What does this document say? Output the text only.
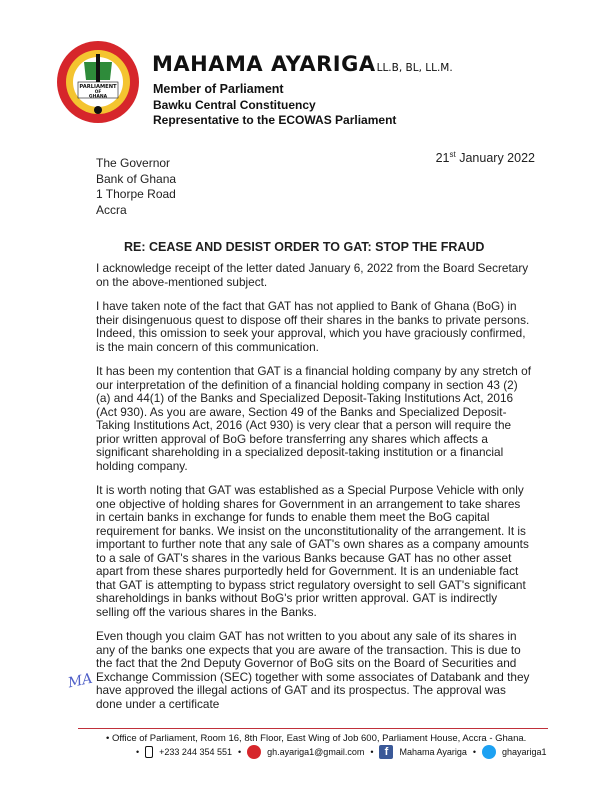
PARLIAMENT
OF
GHANA
MAHAMA AYARIGALL.B, BL, LL.M.
Member of Parliament
Bawku Central Constituency
Representative to the ECOWAS Parliament
21st January 2022
The Governor
Bank of Ghana
1 Thorpe Road
Accra
RE: CEASE AND DESIST ORDER TO GAT: STOP THE FRAUD

I acknowledge receipt of the letter dated January 6, 2022 from the Board Secretary on the above-mentioned subject.

I have taken note of the fact that GAT has not applied to Bank of Ghana (BoG) in their disingenuous quest to dispose off their shares in the banks to private persons. Indeed, this omission to seek your approval, which you have graciously confirmed, is the main concern of this communication.

It has been my contention that GAT is a financial holding company by any stretch of our interpretation of the definition of a financial holding company in section 43 (2)(a) and 44(1) of the Banks and Specialized Deposit-Taking Institutions Act, 2016 (Act 930). As you are aware, Section 49 of the Banks and Specialized Deposit-Taking Institutions Act, 2016 (Act 930) is very clear that a person will require the prior written approval of BoG before transferring any shares which affects a significant shareholding in a specialized deposit-taking institution or a financial holding company.

It is worth noting that GAT was established as a Special Purpose Vehicle with only one objective of holding shares for Government in an arrangement to take shares in certain banks in exchange for funds to enable them meet the BoG capital requirement for banks. We insist on the unconstitutionality of the arrangement. It is important to further note that any sale of GAT's own shares as a company amounts to a sale of GAT's shares in the various Banks because GAT has no other asset apart from these shares purportedly held for Government. It is an undeniable fact that GAT is attempting to bypass strict regulatory oversight to sell GAT's significant shareholdings in banks without BoG's prior written approval. GAT is indirectly selling off the various shares in the Banks.

Even though you claim GAT has not written to you about any sale of its shares in any of the banks one expects that you are aware of the transaction. This is due to the fact that the 2nd Deputy Governor of BoG sits on the Board of Securities and Exchange Commission (SEC) together with some associates of Databank and they have approved the illegal actions of GAT and its prospectus. The approval was done under a certificate

MA
• Office of Parliament, Room 16, 8th Floor, East Wing of Job 600, Parliament House, Accra - Ghana.
• +233 244 354 551 •	gh.ayariga1@gmail.com •	f	Mahama Ayariga •	ghayariga1
